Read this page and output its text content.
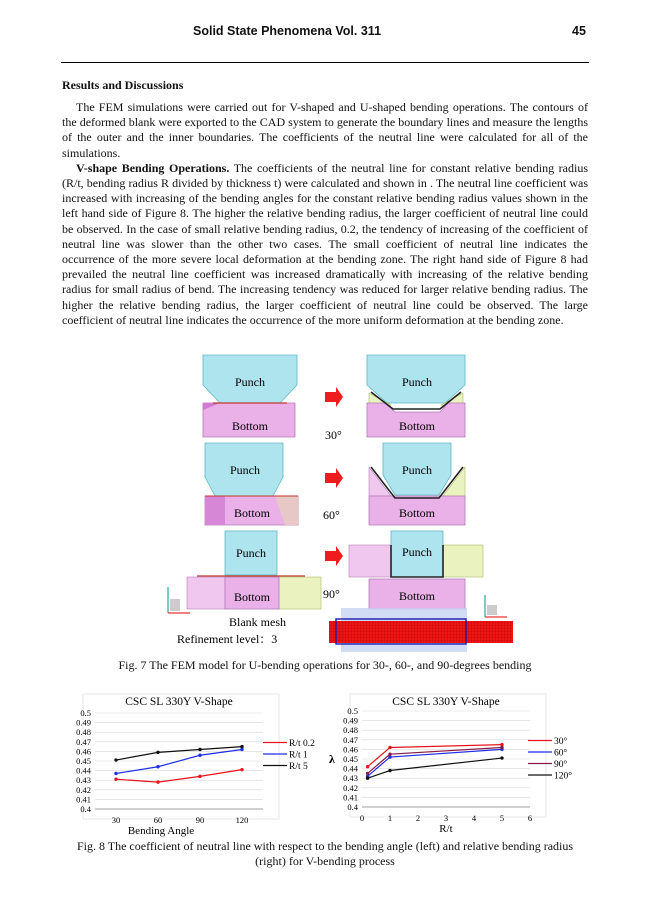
Solid State Phenomena Vol. 311	45
Results and Discussions

The FEM simulations were carried out for V-shaped and U-shaped bending operations. The contours of the deformed blank were exported to the CAD system to generate the boundary lines and measure the lengths of the outer and the inner boundaries. The coefficients of the neutral line were calculated for all of the simulations.

V-shape Bending Operations. The coefficients of the neutral line for constant relative bending radius (R/t, bending radius R divided by thickness t) were calculated and shown in . The neutral line coefficient was increased with increasing of the bending angles for the constant relative bending radius values shown in the left hand side of Figure 8. The higher the relative bending radius, the larger coefficient of neutral line could be observed. In the case of small relative bending radius, 0.2, the tendency of increasing of the coefficient of neutral line was slower than the other two cases. The small coefficient of neutral line indicates the occurrence of the more severe local deformation at the bending zone. The right hand side of Figure 8 had prevailed the neutral line coefficient was increased dramatically with increasing of the relative bending radius for small radius of bend. The increasing tendency was reduced for larger relative bending radius. The higher the relative bending radius, the larger coefficient of neutral line could be observed. The large coefficient of neutral line indicates the occurrence of the more uniform deformation at the bending zone.

Punch
Bottom
30°
Punch
Bottom
Punch
Bottom	60°
Punch
Bottom
Punch
Bottom	90°
Punch
Bottom
Blank mesh
Refinement level：3
Fig. 7 The FEM model for U-bending operations for 30-, 60-, and 90-degrees bending
CSC SL 330Y V-Shape
0.4
0.41
0.42
0.43
0.44
0.45
0.46
0.47
0.48
0.49
0.5
30	60	90	120
Bending Angle
R/t 0.2
R/t 1
R/t 5
CSC SL 330Y V-Shape
0.4
0.41
0.42
0.43
0.44
0.45
0.46
0.47
0.48
0.49
0.5
0	1	2	3	4	5	6
R/t
λ
30°
60°
90°
120°
Fig. 8 The coefficient of neutral line with respect to the bending angle (left) and relative bending radius
(right) for V-bending process
